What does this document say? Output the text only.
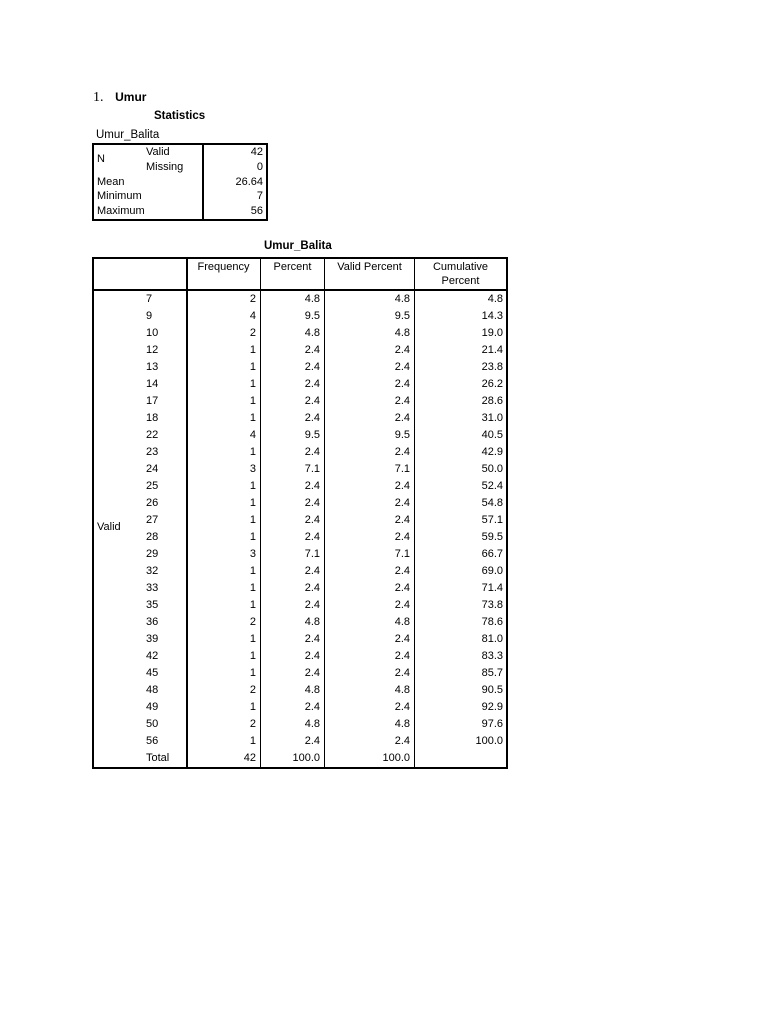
1. Umur
Statistics
Umur_Balita
N
Valid	42
Missing	0
Mean	26.64
Minimum	7
Maximum	56
Umur_Balita
Frequency	Percent	Valid Percent	Cumulative
Percent
Valid
7	2	4.8	4.8	4.8
9	4	9.5	9.5	14.3
10	2	4.8	4.8	19.0
12	1	2.4	2.4	21.4
13	1	2.4	2.4	23.8
14	1	2.4	2.4	26.2
17	1	2.4	2.4	28.6
18	1	2.4	2.4	31.0
22	4	9.5	9.5	40.5
23	1	2.4	2.4	42.9
24	3	7.1	7.1	50.0
25	1	2.4	2.4	52.4
26	1	2.4	2.4	54.8
27	1	2.4	2.4	57.1
28	1	2.4	2.4	59.5
29	3	7.1	7.1	66.7
32	1	2.4	2.4	69.0
33	1	2.4	2.4	71.4
35	1	2.4	2.4	73.8
36	2	4.8	4.8	78.6
39	1	2.4	2.4	81.0
42	1	2.4	2.4	83.3
45	1	2.4	2.4	85.7
48	2	4.8	4.8	90.5
49	1	2.4	2.4	92.9
50	2	4.8	4.8	97.6
56	1	2.4	2.4	100.0
Total	42	100.0	100.0
